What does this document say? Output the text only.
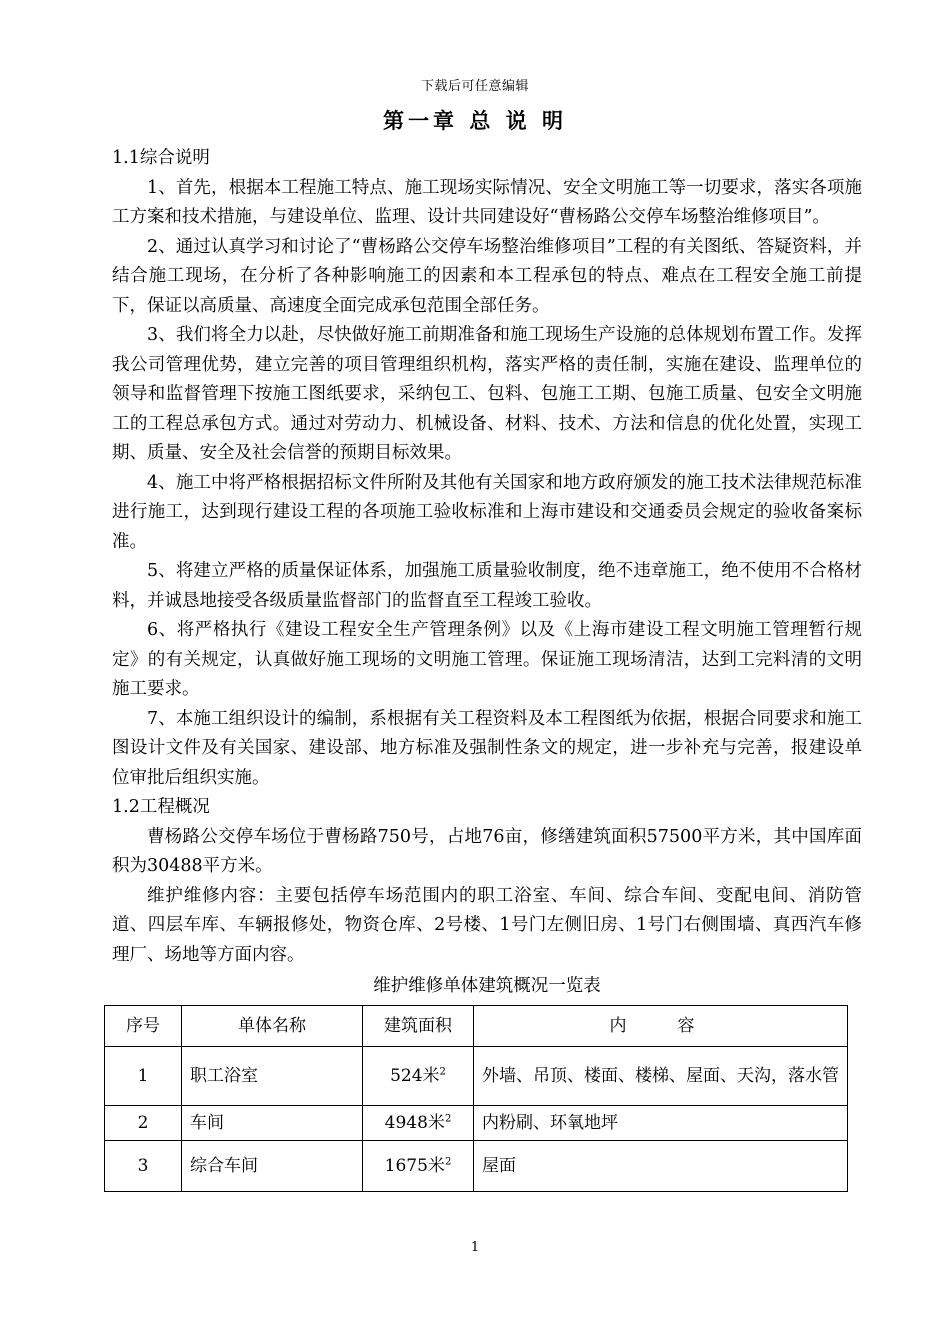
下载后可任意编辑
第一章 总 说 明

1.1综合说明

1、首先，根据本工程施工特点、施工现场实际情况、安全文明施工等一切要求，落实各项施工方案和技术措施，与建设单位、监理、设计共同建设好“曹杨路公交停车场整治维修项目”。

2、通过认真学习和讨论了“曹杨路公交停车场整治维修项目”工程的有关图纸、答疑资料，并结合施工现场，在分析了各种影响施工的因素和本工程承包的特点、难点在工程安全施工前提下，保证以高质量、高速度全面完成承包范围全部任务。

3、我们将全力以赴，尽快做好施工前期准备和施工现场生产设施的总体规划布置工作。发挥我公司管理优势，建立完善的项目管理组织机构，落实严格的责任制，实施在建设、监理单位的领导和监督管理下按施工图纸要求，采纳包工、包料、包施工工期、包施工质量、包安全文明施工的工程总承包方式。通过对劳动力、机械设备、材料、技术、方法和信息的优化处置，实现工期、质量、安全及社会信誉的预期目标效果。

4、施工中将严格根据招标文件所附及其他有关国家和地方政府颁发的施工技术法律规范标准进行施工，达到现行建设工程的各项施工验收标准和上海市建设和交通委员会规定的验收备案标准。

5、将建立严格的质量保证体系，加强施工质量验收制度，绝不违章施工，绝不使用不合格材料，并诚恳地接受各级质量监督部门的监督直至工程竣工验收。

6、将严格执行《建设工程安全生产管理条例》以及《上海市建设工程文明施工管理暂行规定》的有关规定，认真做好施工现场的文明施工管理。保证施工现场清洁，达到工完料清的文明施工要求。

7、本施工组织设计的编制，系根据有关工程资料及本工程图纸为依据，根据合同要求和施工图设计文件及有关国家、建设部、地方标准及强制性条文的规定，进一步补充与完善，报建设单位审批后组织实施。

1.2工程概况

曹杨路公交停车场位于曹杨路750号，占地76亩，修缮建筑面积57500平方米，其中国库面积为30488平方米。

维护维修内容：主要包括停车场范围内的职工浴室、车间、综合车间、变配电间、消防管道、四层车库、车辆报修处，物资仓库、2号楼、1号门左侧旧房、1号门右侧围墙、真西汽车修理厂、场地等方面内容。

维护维修单体建筑概况一览表
序号	单体名称	建筑面积	内　容
1	职工浴室	524米$^2$	外墙、吊顶、楼面、楼梯、屋面、天沟，落水管
2	车间	4948米$^2$	内粉刷、环氧地坪
3	综合车间	1675米$^2$	屋面
1
